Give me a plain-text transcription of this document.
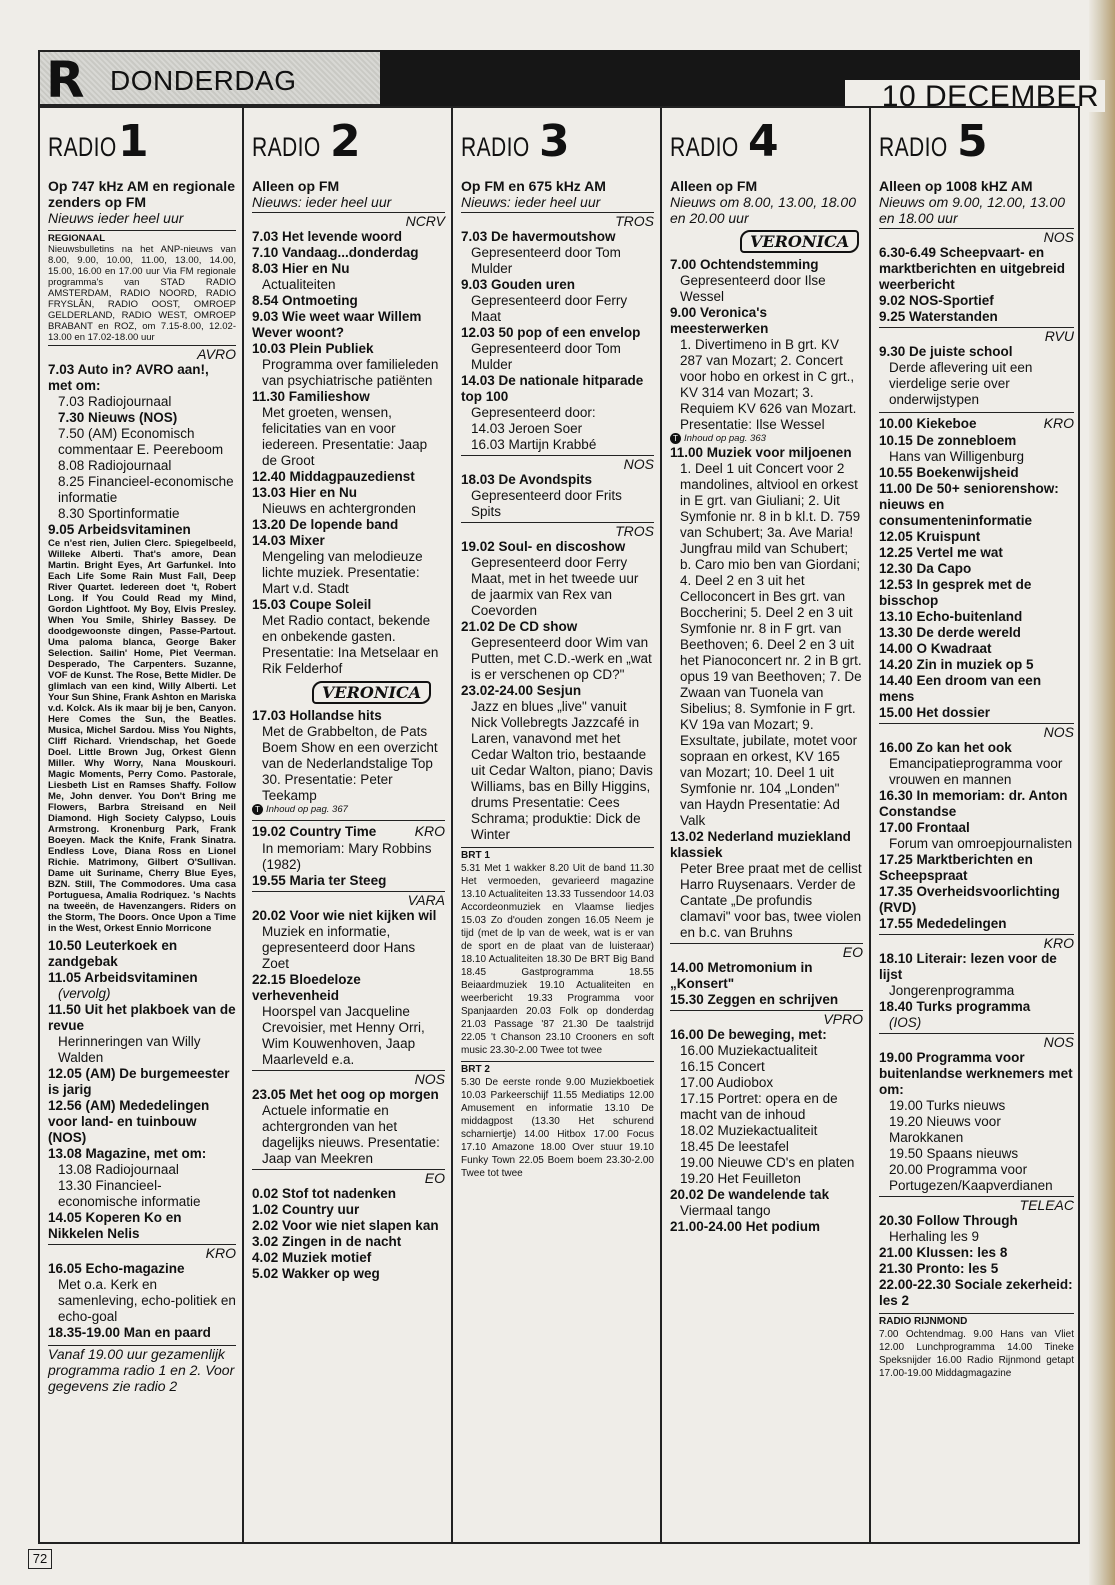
R DONDERDAG	10 DECEMBER
RADIO 1
Op 747 kHz AM en regionale zenders op FM
Nieuws ieder heel uur
REGIONAAL
Nieuwsbulletins na het ANP-nieuws van 8.00, 9.00, 10.00, 11.00, 13.00, 14.00, 15.00, 16.00 en 17.00 uur Via FM regionale programma's van STAD RADIO AMSTERDAM, RADIO NOORD, RADIO FRYSLÂN, RADIO OOST, OMROEP GELDERLAND, RADIO WEST, OMROEP BRABANT en ROZ, om 7.15-8.00, 12.02-13.00 en 17.02-18.00 uur
AVRO
7.03 Auto in? AVRO aan!, met om:
7.03 Radiojournaal
7.30 Nieuws (NOS)
7.50 (AM) Economisch commentaar E. Peereboom
8.08 Radiojournaal
8.25 Financieel-economische informatie
8.30 Sportinformatie
9.05 Arbeidsvitaminen
Ce n'est rien, Julien Clerc. Spiegelbeeld, Willeke Alberti. That's amore, Dean Martin. Bright Eyes, Art Garfunkel. Into Each Life Some Rain Must Fall, Deep River Quartet. Iedereen doet 't, Robert Long. If You Could Read my Mind, Gordon Lightfoot. My Boy, Elvis Presley. When You Smile, Shirley Bassey. De doodgewoonste dingen, Passe-Partout. Uma paloma blanca, George Baker Selection. Sailin' Home, Piet Veerman. Desperado, The Carpenters. Suzanne, VOF de Kunst. The Rose, Bette Midler. De glimlach van een kind, Willy Alberti. Let Your Sun Shine, Frank Ashton en Mariska v.d. Kolck. Als ik maar bij je ben, Canyon. Here Comes the Sun, the Beatles. Musica, Michel Sardou. Miss You Nights, Cliff Richard. Vriendschap, het Goede Doel. Little Brown Jug, Orkest Glenn Miller. Why Worry, Nana Mouskouri. Magic Moments, Perry Como. Pastorale, Liesbeth List en Ramses Shaffy. Follow Me, John denver. You Don't Bring me Flowers, Barbra Streisand en Neil Diamond. High Society Calypso, Louis Armstrong. Kronenburg Park, Frank Boeyen. Mack the Knife, Frank Sinatra. Endless Love, Diana Ross en Lionel Richie. Matrimony, Gilbert O'Sullivan. Dame uit Suriname, Cherry Blue Eyes, BZN. Still, The Commodores. Uma casa Portuguesa, Amalia Rodriquez. 's Nachts na tweeën, de Havenzangers. Riders on the Storm, The Doors. Once Upon a Time in the West, Orkest Ennio Morricone
10.50 Leuterkoek en zandgebak
11.05 Arbeidsvitaminen
(vervolg)
11.50 Uit het plakboek van de revue
Herinneringen van Willy Walden
12.05 (AM) De burgemeester is jarig
12.56 (AM) Mededelingen voor land- en tuinbouw (NOS)
13.08 Magazine, met om:
13.08 Radiojournaal
13.30 Financieel-economische informatie
14.05 Koperen Ko en Nikkelen Nelis
KRO
16.05 Echo-magazine
Met o.a. Kerk en samenleving, echo-politiek en echo-goal
18.35-19.00 Man en paard
Vanaf 19.00 uur gezamenlijk programma radio 1 en 2. Voor gegevens zie radio 2
RADIO 2
Alleen op FM
Nieuws: ieder heel uur
NCRV
7.03 Het levende woord
7.10 Vandaag...donderdag
8.03 Hier en Nu
Actualiteiten
8.54 Ontmoeting
9.03 Wie weet waar Willem Wever woont?
10.03 Plein Publiek
Programma over familieleden van psychiatrische patiënten
11.30 Familieshow
Met groeten, wensen, felicitaties van en voor iedereen. Presentatie: Jaap de Groot
12.40 Middagpauzedienst
13.03 Hier en Nu
Nieuws en achtergronden
13.20 De lopende band
14.03 Mixer
Mengeling van melodieuze lichte muziek. Presentatie: Mart v.d. Stadt
15.03 Coupe Soleil
Met Radio contact, bekende en onbekende gasten. Presentatie: Ina Metselaar en Rik Felderhof
VERONICA
17.03 Hollandse hits
Met de Grabbelton, de Pats Boem Show en een overzicht van de Nederlandstalige Top 30. Presentatie: Peter Teekamp
T Inhoud op pag. 367
19.02 Country Time	KRO
In memoriam: Mary Robbins (1982)
19.55 Maria ter Steeg
VARA
20.02 Voor wie niet kijken wil
Muziek en informatie, gepresenteerd door Hans Zoet
22.15 Bloedeloze verhevenheid
Hoorspel van Jacqueline Crevoisier, met Henny Orri, Wim Kouwenhoven, Jaap Maarleveld e.a.
NOS
23.05 Met het oog op morgen
Actuele informatie en achtergronden van het dagelijks nieuws. Presentatie: Jaap van Meekren
EO
0.02 Stof tot nadenken
1.02 Country uur
2.02 Voor wie niet slapen kan
3.02 Zingen in de nacht
4.02 Muziek motief
5.02 Wakker op weg
RADIO 3
Op FM en 675 kHz AM
Nieuws: ieder heel uur
TROS
7.03 De havermoutshow
Gepresenteerd door Tom Mulder
9.03 Gouden uren
Gepresenteerd door Ferry Maat
12.03 50 pop of een envelop
Gepresenteerd door Tom Mulder
14.03 De nationale hitparade top 100
Gepresenteerd door:
14.03 Jeroen Soer
16.03 Martijn Krabbé
NOS
18.03 De Avondspits
Gepresenteerd door Frits Spits
TROS
19.02 Soul- en discoshow
Gepresenteerd door Ferry Maat, met in het tweede uur de jaarmix van Rex van Coevorden
21.02 De CD show
Gepresenteerd door Wim van Putten, met C.D.-werk en „wat is er verschenen op CD?"
23.02-24.00 Sesjun
Jazz en blues „live" vanuit Nick Vollebregts Jazzcafé in Laren, vanavond met het Cedar Walton trio, bestaande uit Cedar Walton, piano; Davis Williams, bas en Billy Higgins, drums Presentatie: Cees Schrama; produktie: Dick de Winter
BRT 1
5.31 Met 1 wakker 8.20 Uit de band 11.30 Het vermoeden, gevarieerd magazine 13.10 Actualiteiten 13.33 Tussendoor 14.03 Accordeonmuziek en Vlaamse liedjes 15.03 Zo d'ouden zongen 16.05 Neem je tijd (met de lp van de week, wat is er van de sport en de plaat van de luisteraar) 18.10 Actualiteiten 18.30 De BRT Big Band 18.45 Gastprogramma 18.55 Beiaardmuziek 19.10 Actualiteiten en weerbericht 19.33 Programma voor Spanjaarden 20.03 Folk op donderdag 21.03 Passage '87 21.30 De taalstrijd 22.05 't Chanson 23.10 Crooners en soft music 23.30-2.00 Twee tot twee
BRT 2
5.30 De eerste ronde 9.00 Muziekboetiek 10.03 Parkeerschijf 11.55 Mediatips 12.00 Amusement en informatie 13.10 De middagpost (13.30 Het schurend scharniertje) 14.00 Hitbox 17.00 Focus 17.10 Amazone 18.00 Over stuur 19.10 Funky Town 22.05 Boem boem 23.30-2.00 Twee tot twee
RADIO 4
Alleen op FM
Nieuws om 8.00, 13.00, 18.00 en 20.00 uur
VERONICA
7.00 Ochtendstemming
Gepresenteerd door Ilse Wessel
9.00 Veronica's meesterwerken
1. Divertimeno in B grt. KV 287 van Mozart; 2. Concert voor hobo en orkest in C grt., KV 314 van Mozart; 3. Requiem KV 626 van Mozart. Presentatie: Ilse Wessel
T Inhoud op pag. 363
11.00 Muziek voor miljoenen
1. Deel 1 uit Concert voor 2 mandolines, altviool en orkest in E grt. van Giuliani; 2. Uit Symfonie nr. 8 in b kl.t. D. 759 van Schubert; 3a. Ave Maria! Jungfrau mild van Schubert; b. Caro mio ben van Giordani; 4. Deel 2 en 3 uit het Celloconcert in Bes grt. van Boccherini; 5. Deel 2 en 3 uit Symfonie nr. 8 in F grt. van Beethoven; 6. Deel 2 en 3 uit het Pianoconcert nr. 2 in B grt. opus 19 van Beethoven; 7. De Zwaan van Tuonela van Sibelius; 8. Symfonie in F grt. KV 19a van Mozart; 9. Exsultate, jubilate, motet voor sopraan en orkest, KV 165 van Mozart; 10. Deel 1 uit Symfonie nr. 104 „Londen" van Haydn Presentatie: Ad Valk
13.02 Nederland muziekland klassiek
Peter Bree praat met de cellist Harro Ruysenaars. Verder de Cantate „De profundis clamavi" voor bas, twee violen en b.c. van Bruhns
EO
14.00 Metromonium in „Konsert"
15.30 Zeggen en schrijven
VPRO
16.00 De beweging, met:
16.00 Muziekactualiteit
16.15 Concert
17.00 Audiobox
17.15 Portret: opera en de macht van de inhoud
18.02 Muziekactualiteit
18.45 De leestafel
19.00 Nieuwe CD's en platen
19.20 Het Feuilleton
20.02 De wandelende tak
Viermaal tango
21.00-24.00 Het podium
RADIO 5
Alleen op 1008 kHZ AM
Nieuws om 9.00, 12.00, 13.00 en 18.00 uur
NOS
6.30-6.49 Scheepvaart- en marktberichten en uitgebreid weerbericht
9.02 NOS-Sportief
9.25 Waterstanden
RVU
9.30 De juiste school
Derde aflevering uit een vierdelige serie over onderwijstypen
10.00 Kiekeboe	KRO
10.15 De zonnebloem
Hans van Willigenburg
10.55 Boekenwijsheid
11.00 De 50+ seniorenshow: nieuws en consumenteninformatie
12.05 Kruispunt
12.25 Vertel me wat
12.30 Da Capo
12.53 In gesprek met de bisschop
13.10 Echo-buitenland
13.30 De derde wereld
14.00 O Kwadraat
14.20 Zin in muziek op 5
14.40 Een droom van een mens
15.00 Het dossier
NOS
16.00 Zo kan het ook
Emancipatieprogramma voor vrouwen en mannen
16.30 In memoriam: dr. Anton Constandse
17.00 Frontaal
Forum van omroepjournalisten
17.25 Marktberichten en Scheepspraat
17.35 Overheidsvoorlichting (RVD)
17.55 Mededelingen
KRO
18.10 Literair: lezen voor de lijst
Jongerenprogramma
18.40 Turks programma
(IOS)
NOS
19.00 Programma voor buitenlandse werknemers met om:
19.00 Turks nieuws
19.20 Nieuws voor Marokkanen
19.50 Spaans nieuws
20.00 Programma voor Portugezen/Kaapverdianen
TELEAC
20.30 Follow Through
Herhaling les 9
21.00 Klussen: les 8
21.30 Pronto: les 5
22.00-22.30 Sociale zekerheid: les 2
RADIO RIJNMOND
7.00 Ochtendmag. 9.00 Hans van Vliet 12.00 Lunchprogramma 14.00 Tineke Speksnijder 16.00 Radio Rijnmond getapt 17.00-19.00 Middagmagazine
72
